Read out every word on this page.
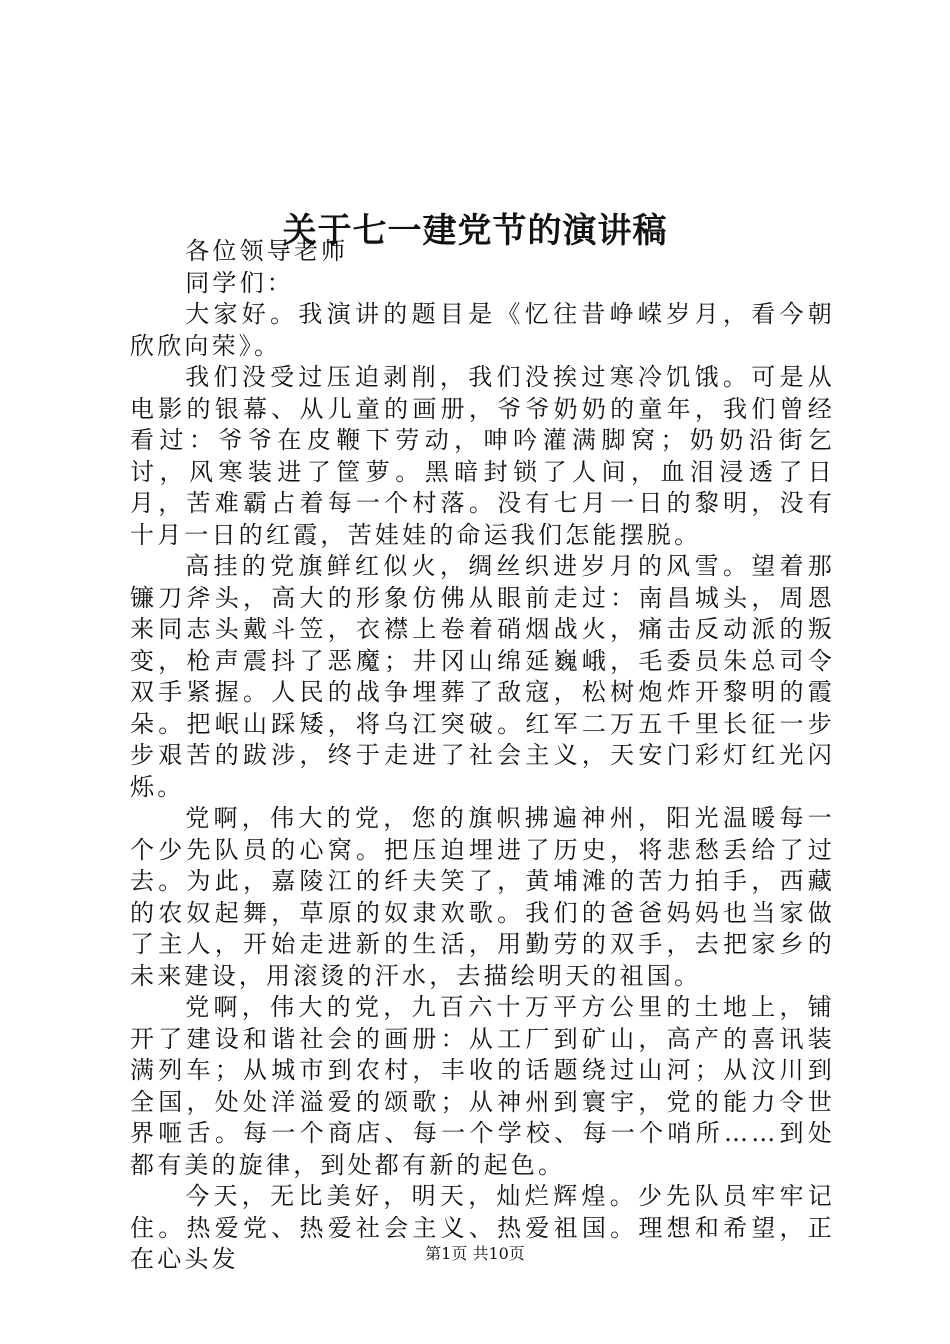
关于七一建党节的演讲稿

各位领导老师

同学们：

大家好。我演讲的题目是《忆往昔峥嵘岁月，看今朝欣欣向荣》。

我们没受过压迫剥削，我们没挨过寒冷饥饿。可是从电影的银幕、从儿童的画册，爷爷奶奶的童年，我们曾经看过：爷爷在皮鞭下劳动，呻吟灌满脚窝；奶奶沿街乞讨，风寒装进了筐萝。黑暗封锁了人间，血泪浸透了日月，苦难霸占着每一个村落。没有七月一日的黎明，没有十月一日的红霞，苦娃娃的命运我们怎能摆脱。

高挂的党旗鲜红似火，绸丝织进岁月的风雪。望着那镰刀斧头，高大的形象仿佛从眼前走过：南昌城头，周恩来同志头戴斗笠，衣襟上卷着硝烟战火，痛击反动派的叛变，枪声震抖了恶魔；井冈山绵延巍峨，毛委员朱总司令双手紧握。人民的战争埋葬了敌寇，松树炮炸开黎明的霞朵。把岷山踩矮，将乌江突破。红军二万五千里长征一步步艰苦的跋涉，终于走进了社会主义，天安门彩灯红光闪烁。

党啊，伟大的党，您的旗帜拂遍神州，阳光温暖每一个少先队员的心窝。把压迫埋进了历史，将悲愁丢给了过去。为此，嘉陵江的纤夫笑了，黄埔滩的苦力拍手，西藏的农奴起舞，草原的奴隶欢歌。我们的爸爸妈妈也当家做了主人，开始走进新的生活，用勤劳的双手，去把家乡的未来建设，用滚烫的汗水，去描绘明天的祖国。

党啊，伟大的党，九百六十万平方公里的土地上，铺开了建设和谐社会的画册：从工厂到矿山，高产的喜讯装满列车；从城市到农村，丰收的话题绕过山河；从汶川到全国，处处洋溢爱的颂歌；从神州到寰宇，党的能力令世界咂舌。每一个商店、每一个学校、每一个哨所……到处都有美的旋律，到处都有新的起色。

今天，无比美好，明天，灿烂辉煌。少先队员牢牢记住。热爱党、热爱社会主义、热爱祖国。理想和希望，正在心头发	第1页 共10页
